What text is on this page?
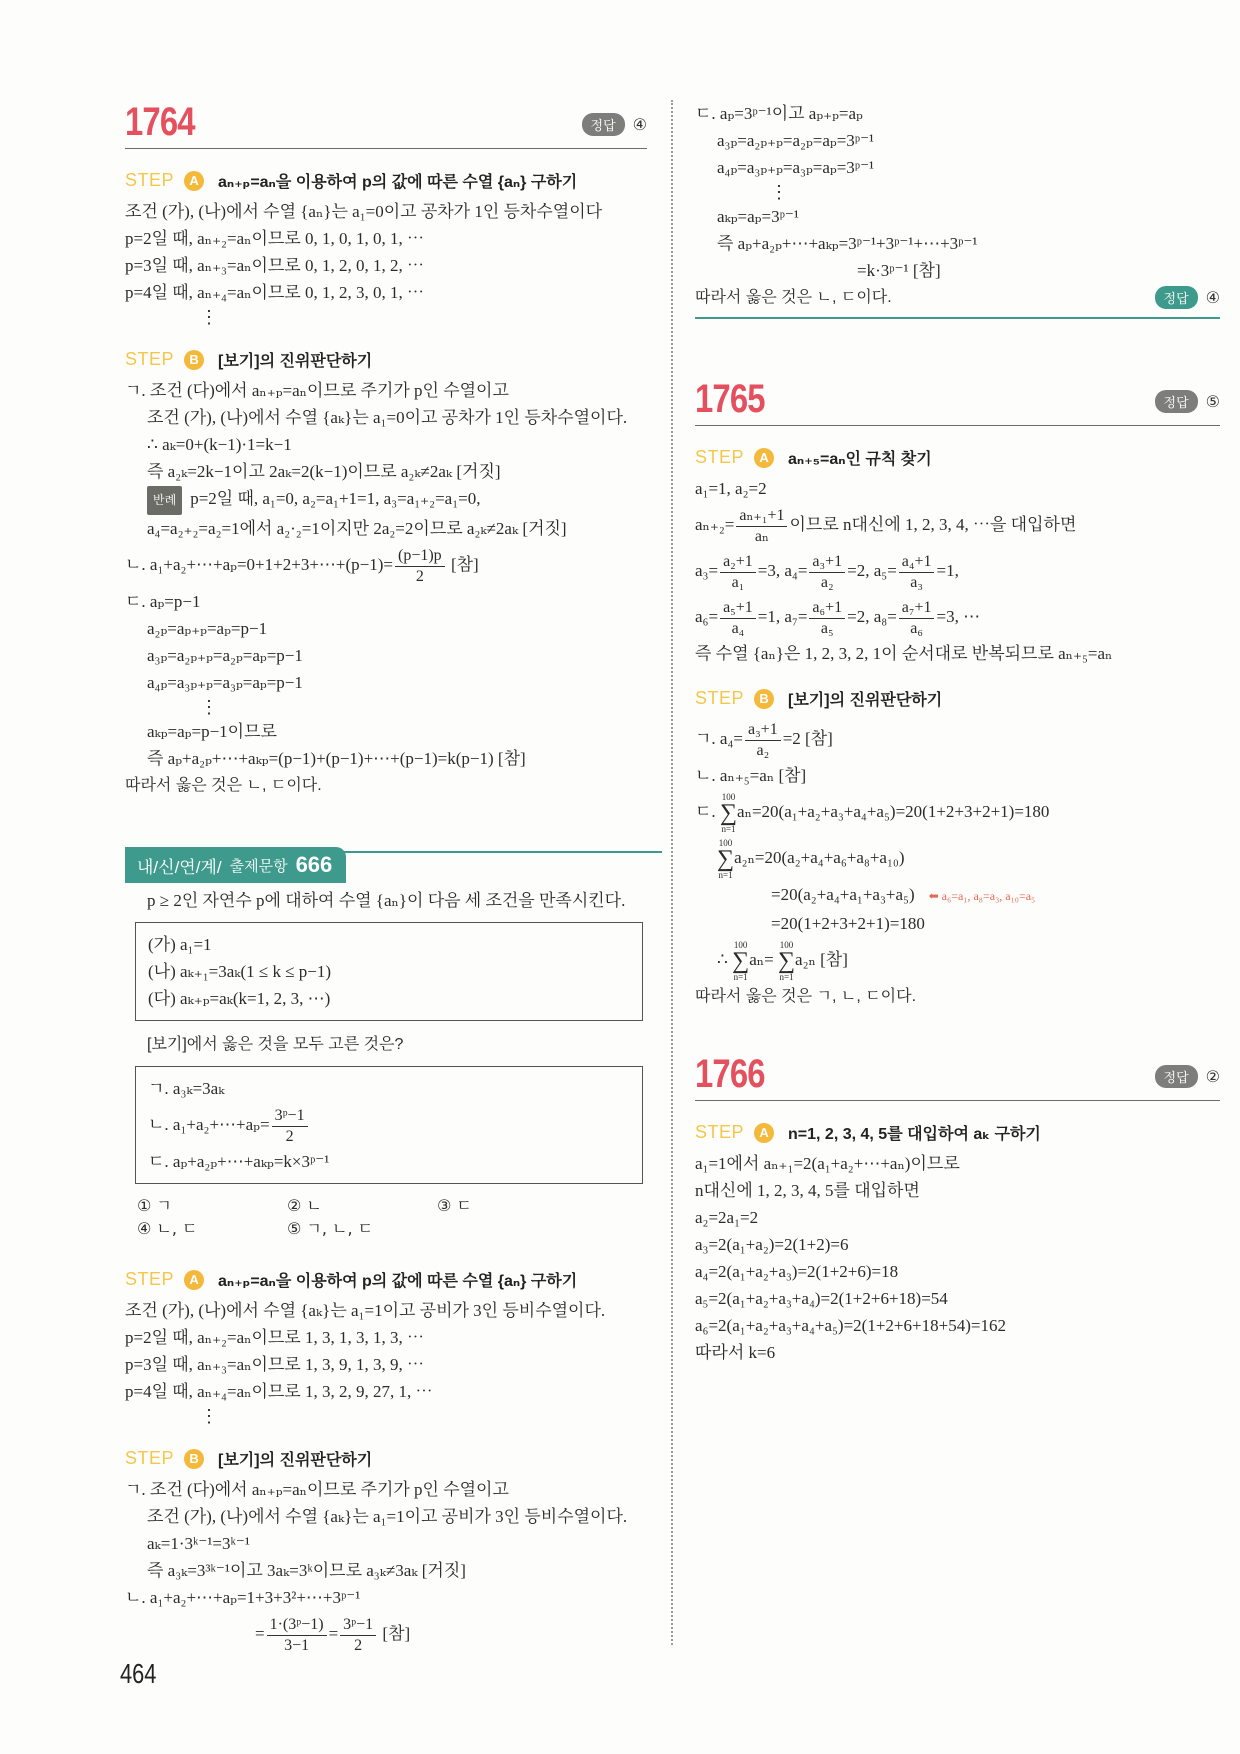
1764	정답	④
STEP	A	aₙ₊ₚ=aₙ을 이용하여 p의 값에 따른 수열 {aₙ} 구하기
조건 (가), (나)에서 수열 {aₙ}는 a₁=0이고 공차가 1인 등차수열이다
p=2일 때, aₙ₊₂=aₙ이므로 0, 1, 0, 1, 0, 1, ⋯
p=3일 때, aₙ₊₃=aₙ이므로 0, 1, 2, 0, 1, 2, ⋯
p=4일 때, aₙ₊₄=aₙ이므로 0, 1, 2, 3, 0, 1, ⋯
⋮
STEP	B	[보기]의 진위판단하기
ㄱ. 조건 (다)에서 aₙ₊ₚ=aₙ이므로 주기가 p인 수열이고
조건 (가), (나)에서 수열 {aₖ}는 a₁=0이고 공차가 1인 등차수열이다.
∴ aₖ=0+(k−1)·1=k−1
즉 a₂ₖ=2k−1이고 2aₖ=2(k−1)이므로 a₂ₖ≠2aₖ [거짓]
반례 p=2일 때, a₁=0, a₂=a₁+1=1, a₃=a₁₊₂=a₁=0,
a₄=a₂₊₂=a₂=1에서 a₂·₂=1이지만 2a₂=2이므로 a₂ₖ≠2aₖ [거짓]
ㄴ. a₁+a₂+⋯+aₚ=0+1+2+3+⋯+(p−1)= $\frac{(p-1)p}{2}$ [참]
ㄷ. aₚ=p−1
a₂ₚ=aₚ₊ₚ=aₚ=p−1
a₃ₚ=a₂ₚ₊ₚ=a₂ₚ=aₚ=p−1
a₄ₚ=a₃ₚ₊ₚ=a₃ₚ=aₚ=p−1
⋮
aₖₚ=aₚ=p−1이므로
즉 aₚ+a₂ₚ+⋯+aₖₚ=(p−1)+(p−1)+⋯+(p−1)=k(p−1) [참]
따라서 옳은 것은 ㄴ, ㄷ이다.
내/신/연/계/ 출제문항 666
p ≥ 2인 자연수 p에 대하여 수열 {aₙ}이 다음 세 조건을 만족시킨다.
(가) a₁=1
(나) aₖ₊₁=3aₖ(1 ≤ k ≤ p−1)
(다) aₖ₊ₚ=aₖ(k=1, 2, 3, ⋯)
[보기]에서 옳은 것을 모두 고른 것은?
ㄱ. a₃ₖ=3aₖ
ㄴ. a₁+a₂+⋯+aₚ= $\frac{\text{3ᵖ−1}}{2}$
ㄷ. aₚ+a₂ₚ+⋯+aₖₚ=k×3ᵖ⁻¹
① ㄱ	② ㄴ	③ ㄷ
④ ㄴ, ㄷ	⑤ ㄱ, ㄴ, ㄷ
STEP	A	aₙ₊ₚ=aₙ을 이용하여 p의 값에 따른 수열 {aₙ} 구하기
조건 (가), (나)에서 수열 {aₖ}는 a₁=1이고 공비가 3인 등비수열이다.
p=2일 때, aₙ₊₂=aₙ이므로 1, 3, 1, 3, 1, 3, ⋯
p=3일 때, aₙ₊₃=aₙ이므로 1, 3, 9, 1, 3, 9, ⋯
p=4일 때, aₙ₊₄=aₙ이므로 1, 3, 2, 9, 27, 1, ⋯
⋮
STEP	B	[보기]의 진위판단하기
ㄱ. 조건 (다)에서 aₙ₊ₚ=aₙ이므로 주기가 p인 수열이고
조건 (가), (나)에서 수열 {aₖ}는 a₁=1이고 공비가 3인 등비수열이다.
aₖ=1·3ᵏ⁻¹=3ᵏ⁻¹
즉 a₃ₖ=3³ᵏ⁻¹이고 3aₖ=3ᵏ이므로 a₃ₖ≠3aₖ [거짓]
ㄴ. a₁+a₂+⋯+aₚ=1+3+3²+⋯+3ᵖ⁻¹
= $\frac{\text{1·(3ᵖ−1)}}{3-1} = \frac{\text{3ᵖ−1}}{2}$ [참]
ㄷ. aₚ=3ᵖ⁻¹이고 aₚ₊ₚ=aₚ
a₃ₚ=a₂ₚ₊ₚ=a₂ₚ=aₚ=3ᵖ⁻¹
a₄ₚ=a₃ₚ₊ₚ=a₃ₚ=aₚ=3ᵖ⁻¹
⋮
aₖₚ=aₚ=3ᵖ⁻¹
즉 aₚ+a₂ₚ+⋯+aₖₚ=3ᵖ⁻¹+3ᵖ⁻¹+⋯+3ᵖ⁻¹
=k·3ᵖ⁻¹ [참]
따라서 옳은 것은 ㄴ, ㄷ이다.	정답	④
1765	정답	⑤
STEP	A	aₙ₊₅=aₙ인 규칙 찾기
a₁=1, a₂=2
$a_{n+2}= \frac{\text{aₙ₊₁+1}}{\text{aₙ}}$ 이므로 n대신에 1, 2, 3, 4, ⋯을 대입하면
$a_3= \frac{\text{a₂+1}}{\text{a₁}} =3$, $a_4= \frac{\text{a₃+1}}{\text{a₂}} =2$, $a_5= \frac{\text{a₄+1}}{\text{a₃}} =1$,
$a_6= \frac{\text{a₅+1}}{\text{a₄}} =1$, $a_7= \frac{\text{a₆+1}}{\text{a₅}} =2$, $a_8= \frac{\text{a₇+1}}{\text{a₆}} =3$, ⋯
즉 수열 {aₙ}은 1, 2, 3, 2, 1이 순서대로 반복되므로 aₙ₊₅=aₙ
STEP	B	[보기]의 진위판단하기
ㄱ. $a_4= \frac{\text{a₃+1}}{\text{a₂}} =2$ [참]
ㄴ. aₙ₊₅=aₙ [참]
ㄷ.
100
∑
n=1
aₙ=20(a₁+a₂+a₃+a₄+a₅)=20(1+2+3+2+1)=180
100
∑
n=1
a₂ₙ=20(a₂+a₄+a₆+a₈+a₁₀)
=20(a₂+a₄+a₁+a₃+a₅) ⬅ a₆=a₁, a₈=a₃, a₁₀=a₅
=20(1+2+3+2+1)=180
∴
100
∑
n=1
aₙ=
100
∑
n=1
a₂ₙ [참]
따라서 옳은 것은 ㄱ, ㄴ, ㄷ이다.
1766	정답	②
STEP	A	n=1, 2, 3, 4, 5를 대입하여 aₖ 구하기
a₁=1에서 aₙ₊₁=2(a₁+a₂+⋯+aₙ)이므로
n대신에 1, 2, 3, 4, 5를 대입하면
a₂=2a₁=2
a₃=2(a₁+a₂)=2(1+2)=6
a₄=2(a₁+a₂+a₃)=2(1+2+6)=18
a₅=2(a₁+a₂+a₃+a₄)=2(1+2+6+18)=54
a₆=2(a₁+a₂+a₃+a₄+a₅)=2(1+2+6+18+54)=162
따라서 k=6
464
